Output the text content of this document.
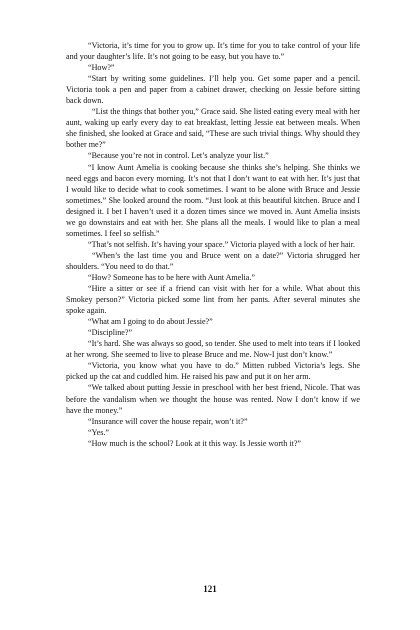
“Victoria, it’s time for you to grow up. It’s time for you to take control of your life and your daughter’s life. It’s not going to be easy, but you have to.”

“How?”

“Start by writing some guidelines. I’ll help you. Get some paper and a pencil. Victoria took a pen and paper from a cabinet drawer, checking on Jessie before sitting back down.

“List the things that bother you,” Grace said. She listed eating every meal with her aunt, waking up early every day to eat breakfast, letting Jessie eat between meals. When she finished, she looked at Grace and said, “These are such trivial things. Why should they bother me?”

“Because you’re not in control. Let’s analyze your list.”

“I know Aunt Amelia is cooking because she thinks she’s helping. She thinks we need eggs and bacon every morning. It’s not that I don’t want to eat with her. It’s just that I would like to decide what to cook sometimes. I want to be alone with Bruce and Jessie sometimes.” She looked around the room. “Just look at this beautiful kitchen. Bruce and I designed it. I bet I haven’t used it a dozen times since we moved in. Aunt Amelia insists we go downstairs and eat with her. She plans all the meals. I would like to plan a meal sometimes. I feel so selfish.”

“That’s not selfish. It’s having your space.” Victoria played with a lock of her hair.

“When’s the last time you and Bruce went on a date?” Victoria shrugged her shoulders. “You need to do that.”

“How? Someone has to be here with Aunt Amelia.”

“Hire a sitter or see if a friend can visit with her for a while. What about this Smokey person?” Victoria picked some lint from her pants. After several minutes she spoke again.

“What am I going to do about Jessie?”

“Discipline?”

“It’s hard. She was always so good, so tender. She used to melt into tears if I looked at her wrong. She seemed to live to please Bruce and me. Now-I just don’t know.”

“Victoria, you know what you have to do.” Mitten rubbed Victoria’s legs. She picked up the cat and cuddled him. He raised his paw and put it on her arm.

“We talked about putting Jessie in preschool with her best friend, Nicole. That was before the vandalism when we thought the house was rented. Now I don’t know if we have the money.”

“Insurance will cover the house repair, won’t it?”

“Yes.”

“How much is the school? Look at it this way. Is Jessie worth it?”

121
